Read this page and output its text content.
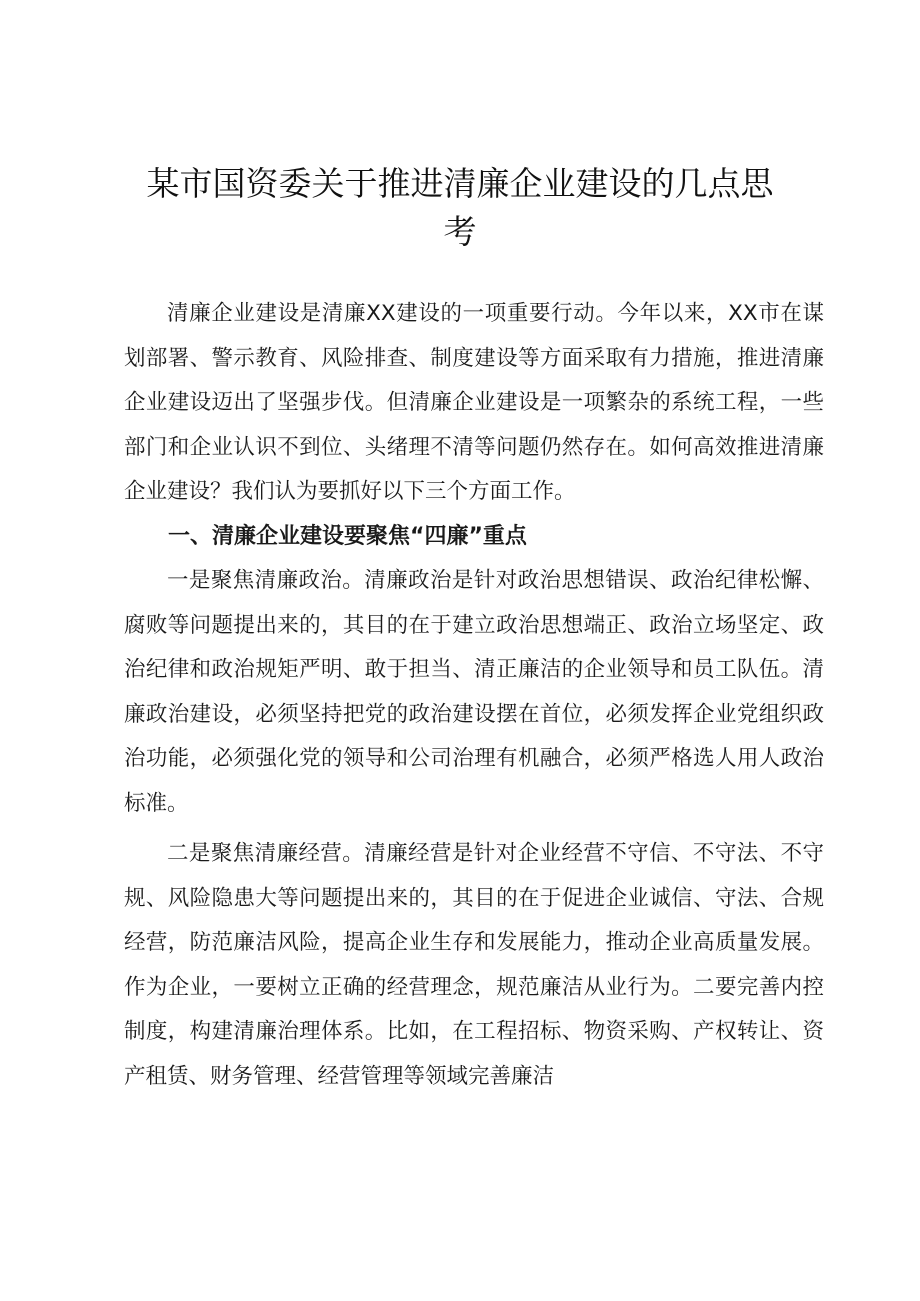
某市国资委关于推进清廉企业建设的几点思
考

清廉企业建设是清廉XX建设的一项重要行动。今年以来，XX市在谋划部署、警示教育、风险排查、制度建设等方面采取有力措施，推进清廉企业建设迈出了坚强步伐。但清廉企业建设是一项繁杂的系统工程，一些部门和企业认识不到位、头绪理不清等问题仍然存在。如何高效推进清廉企业建设？我们认为要抓好以下三个方面工作。

一、清廉企业建设要聚焦“四廉”重点

一是聚焦清廉政治。清廉政治是针对政治思想错误、政治纪律松懈、腐败等问题提出来的，其目的在于建立政治思想端正、政治立场坚定、政治纪律和政治规矩严明、敢于担当、清正廉洁的企业领导和员工队伍。清廉政治建设，必须坚持把党的政治建设摆在首位，必须发挥企业党组织政治功能，必须强化党的领导和公司治理有机融合，必须严格选人用人政治标准。

二是聚焦清廉经营。清廉经营是针对企业经营不守信、不守法、不守规、风险隐患大等问题提出来的，其目的在于促进企业诚信、守法、合规经营，防范廉洁风险，提高企业生存和发展能力，推动企业高质量发展。作为企业，一要树立正确的经营理念，规范廉洁从业行为。二要完善内控制度，构建清廉治理体系。比如，在工程招标、物资采购、产权转让、资产租赁、财务管理、经营管理等领域完善廉洁
